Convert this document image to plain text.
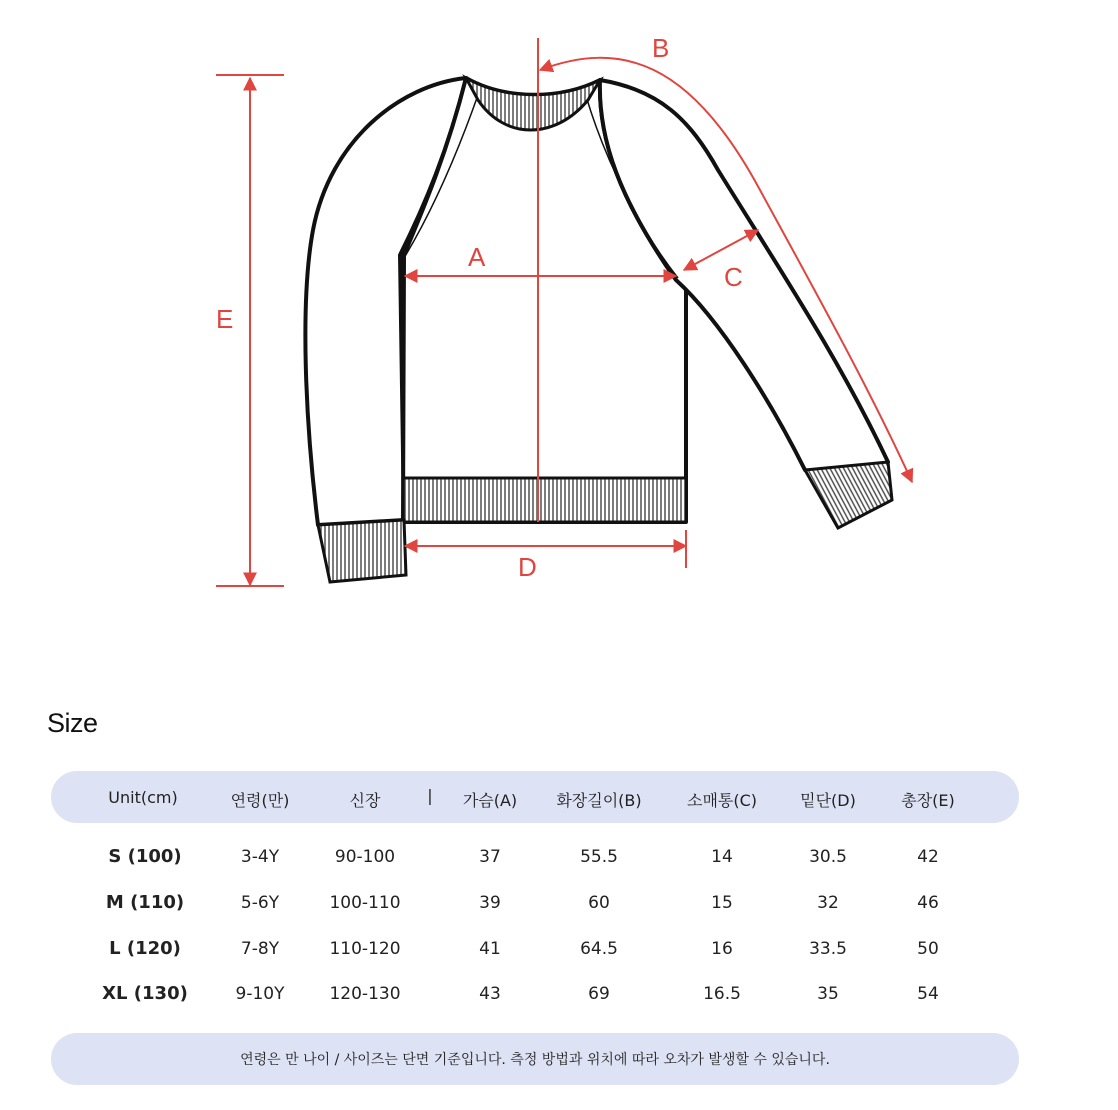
A
B
C
D
E
Size
Unit(cm)	연령(만)	신장	| 가슴(A) 화장길이(B)	소매통(C)	밑단(D)	총장(E)
S (100)	3-4Y	90-100	37	55.5	14	30.5	42
M (110)	5-6Y	100-110	39	60	15	32	46
L (120)	7-8Y	110-120	41	64.5	16	33.5	50
XL (130)	9-10Y	120-130	43	69	16.5	35	54
연령은 만 나이 / 사이즈는 단면 기준입니다. 측정 방법과 위치에 따라 오차가 발생할 수 있습니다.
